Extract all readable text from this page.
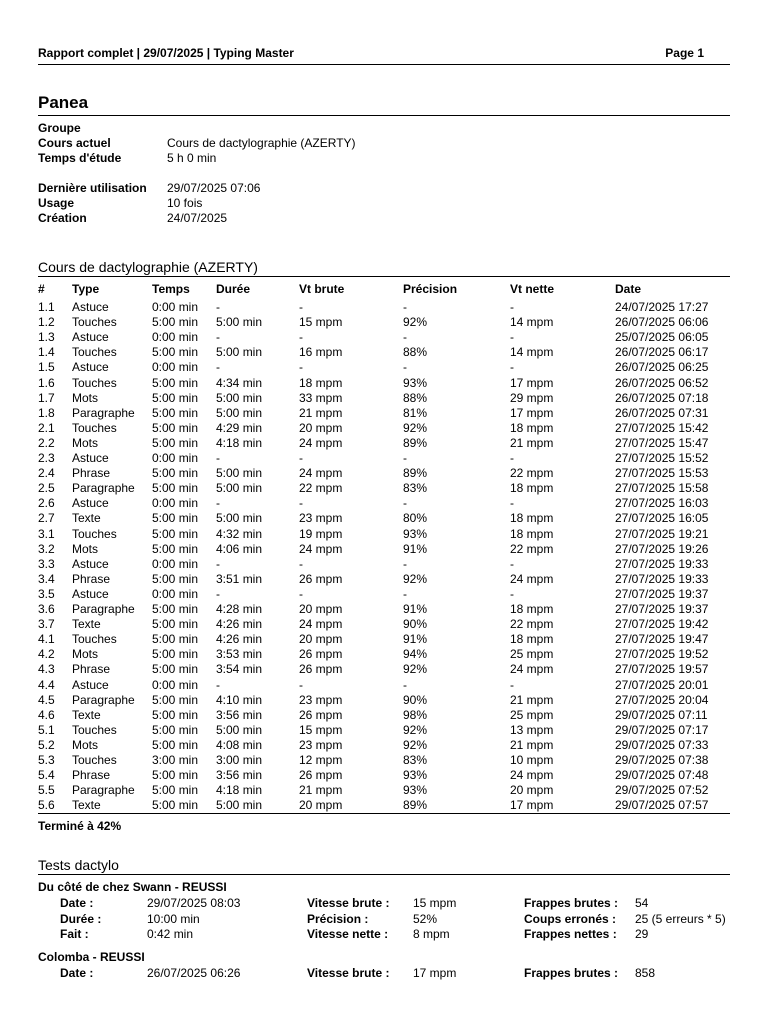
Rapport complet | 29/07/2025 | Typing Master	Page 1
Panea
Groupe
Cours actuel	Cours de dactylographie (AZERTY)
Temps d'étude	5 h 0 min
Dernière utilisation 29/07/2025 07:06
Usage	10 fois
Création	24/07/2025
Cours de dactylographie (AZERTY)
# Type	Temps Durée	Vt brute	Précision	Vt nette	Date
1.1 Astuce	0:00 min -	-	-	-	24/07/2025 17:27
1.2 Touches	5:00 min 5:00 min	15 mpm	92%	14 mpm	26/07/2025 06:06
1.3 Astuce	0:00 min -	-	-	-	25/07/2025 06:05
1.4 Touches	5:00 min 5:00 min	16 mpm	88%	14 mpm	26/07/2025 06:17
1.5 Astuce	0:00 min -	-	-	-	26/07/2025 06:25
1.6 Touches	5:00 min 4:34 min	18 mpm	93%	17 mpm	26/07/2025 06:52
1.7 Mots	5:00 min 5:00 min	33 mpm	88%	29 mpm	26/07/2025 07:18
1.8 Paragraphe 5:00 min 5:00 min	21 mpm	81%	17 mpm	26/07/2025 07:31
2.1 Touches	5:00 min 4:29 min	20 mpm	92%	18 mpm	27/07/2025 15:42
2.2 Mots	5:00 min 4:18 min	24 mpm	89%	21 mpm	27/07/2025 15:47
2.3 Astuce	0:00 min -	-	-	-	27/07/2025 15:52
2.4 Phrase	5:00 min 5:00 min	24 mpm	89%	22 mpm	27/07/2025 15:53
2.5 Paragraphe 5:00 min 5:00 min	22 mpm	83%	18 mpm	27/07/2025 15:58
2.6 Astuce	0:00 min -	-	-	-	27/07/2025 16:03
2.7 Texte	5:00 min 5:00 min	23 mpm	80%	18 mpm	27/07/2025 16:05
3.1 Touches	5:00 min 4:32 min	19 mpm	93%	18 mpm	27/07/2025 19:21
3.2 Mots	5:00 min 4:06 min	24 mpm	91%	22 mpm	27/07/2025 19:26
3.3 Astuce	0:00 min -	-	-	-	27/07/2025 19:33
3.4 Phrase	5:00 min 3:51 min	26 mpm	92%	24 mpm	27/07/2025 19:33
3.5 Astuce	0:00 min -	-	-	-	27/07/2025 19:37
3.6 Paragraphe 5:00 min 4:28 min	20 mpm	91%	18 mpm	27/07/2025 19:37
3.7 Texte	5:00 min 4:26 min	24 mpm	90%	22 mpm	27/07/2025 19:42
4.1 Touches	5:00 min 4:26 min	20 mpm	91%	18 mpm	27/07/2025 19:47
4.2 Mots	5:00 min 3:53 min	26 mpm	94%	25 mpm	27/07/2025 19:52
4.3 Phrase	5:00 min 3:54 min	26 mpm	92%	24 mpm	27/07/2025 19:57
4.4 Astuce	0:00 min -	-	-	-	27/07/2025 20:01
4.5 Paragraphe 5:00 min 4:10 min	23 mpm	90%	21 mpm	27/07/2025 20:04
4.6 Texte	5:00 min 3:56 min	26 mpm	98%	25 mpm	29/07/2025 07:11
5.1 Touches	5:00 min 5:00 min	15 mpm	92%	13 mpm	29/07/2025 07:17
5.2 Mots	5:00 min 4:08 min	23 mpm	92%	21 mpm	29/07/2025 07:33
5.3 Touches	3:00 min 3:00 min	12 mpm	83%	10 mpm	29/07/2025 07:38
5.4 Phrase	5:00 min 3:56 min	26 mpm	93%	24 mpm	29/07/2025 07:48
5.5 Paragraphe 5:00 min 4:18 min	21 mpm	93%	20 mpm	29/07/2025 07:52
5.6 Texte	5:00 min 5:00 min	20 mpm	89%	17 mpm	29/07/2025 07:57
Terminé à 42%
Tests dactylo
Du côté de chez Swann - REUSSI
Date :	29/07/2025 08:03	Vitesse brute : 15 mpm	Frappes brutes : 54
Durée :	10:00 min	Précision :	52%	Coups erronés : 25 (5 erreurs * 5)
Fait :	0:42 min	Vitesse nette : 8 mpm	Frappes nettes : 29
Colomba - REUSSI
Date :	26/07/2025 06:26	Vitesse brute : 17 mpm	Frappes brutes : 858
